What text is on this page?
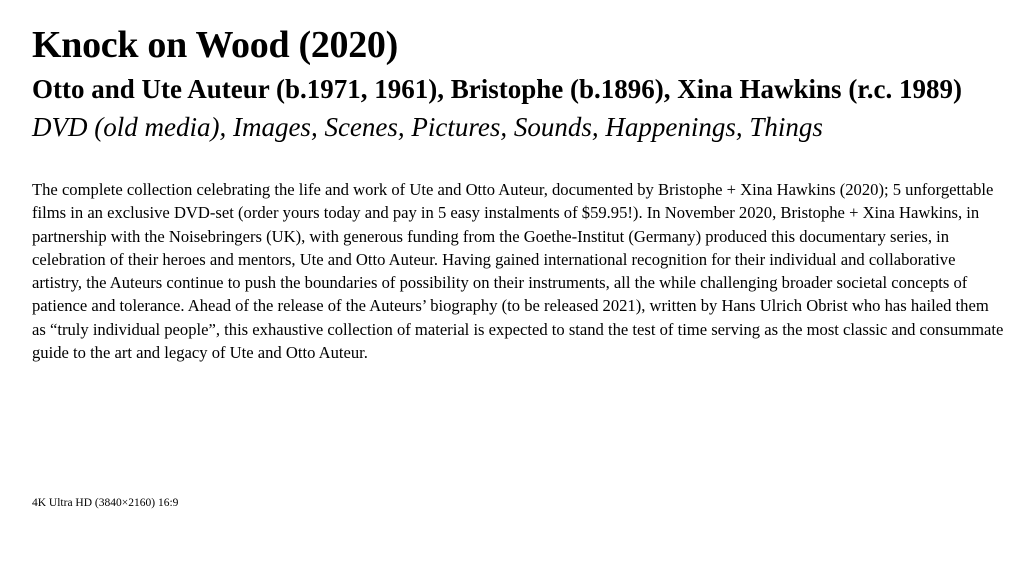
Knock on Wood (2020)
Otto and Ute Auteur (b.1971, 1961), Bristophe (b.1896), Xina Hawkins (r.c. 1989)
DVD (old media), Images, Scenes, Pictures, Sounds, Happenings, Things

The complete collection celebrating the life and work of Ute and Otto Auteur, documented by Bristophe + Xina Hawkins (2020); 5 unforgettable films in an exclusive DVD-set (order yours today and pay in 5 easy instalments of $59.95!). In November 2020, Bristophe + Xina Hawkins, in partnership with the Noisebringers (UK), with generous funding from the Goethe-Institut (Germany) produced this documentary series, in celebration of their heroes and mentors, Ute and Otto Auteur. Having gained international recognition for their individual and collaborative artistry, the Auteurs continue to push the boundaries of possibility on their instruments, all the while challenging broader societal concepts of patience and tolerance. Ahead of the release of the Auteurs’ biography (to be released 2021), written by Hans Ulrich Obrist who has hailed them as “truly individual people”, this exhaustive collection of material is expected to stand the test of time serving as the most classic and consummate guide to the art and legacy of Ute and Otto Auteur.

4K Ultra HD (3840×2160) 16:9
